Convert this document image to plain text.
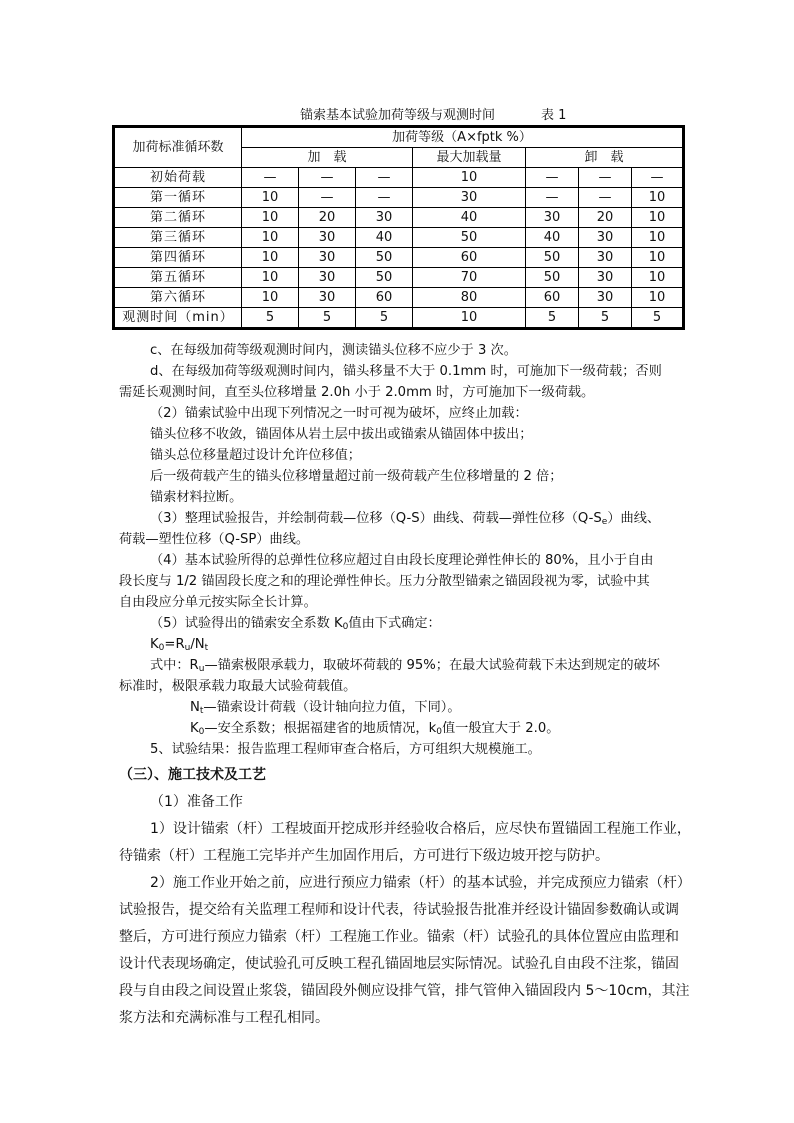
锚索基本试验加荷等级与观测时间	表 1
加荷标准循环数	加荷等级（A×fptk %）						
	加　载			最大加载量	卸　载		
初始荷载	—	—	—	10	—	—	—
第一循环	10	—	—	30	—	—	10
第二循环	10	20	30	40	30	20	10
第三循环	10	30	40	50	40	30	10
第四循环	10	30	50	60	50	30	10
第五循环	10	30	50	70	50	30	10
第六循环	10	30	60	80	60	30	10
观测时间（min）	5	5	5	10	5	5	5
c、在每级加荷等级观测时间内，测读锚头位移不应少于 3 次。
d、在每级加荷等级观测时间内，锚头移量不大于 0.1mm 时，可施加下一级荷载；否则
需延长观测时间，直至头位移增量 2.0h 小于 2.0mm 时，方可施加下一级荷载。
（2）锚索试验中出现下列情况之一时可视为破坏，应终止加载：
锚头位移不收敛，锚固体从岩土层中拔出或锚索从锚固体中拔出；
锚头总位移量超过设计允许位移值；
后一级荷载产生的锚头位移增量超过前一级荷载产生位移增量的 2 倍；
锚索材料拉断。
（3）整理试验报告，并绘制荷载—位移（Q-S）曲线、荷载—弹性位移$(Q-S_e)$曲线、
荷载—塑性位移（Q-SP）曲线。
（4）基本试验所得的总弹性位移应超过自由段长度理论弹性伸长的 80%，且小于自由
段长度与 1/2 锚固段长度之和的理论弹性伸长。压力分散型锚索之锚固段视为零，试验中其
自由段应分单元按实际全长计算。
（5）试验得出的锚索安全系数 $K_0$值由下式确定：
$K_0=R_u/N_t$
式中：$R_u—$锚索极限承载力，取破坏荷载的 95%；在最大试验荷载下未达到规定的破坏
标准时，极限承载力取最大试验荷载值。
$N_t—$锚索设计荷载（设计轴向拉力值，下同）。
$K_0—$安全系数；根据福建省的地质情况，$k_0$值一般宜大于 2.0。
5、试验结果：报告监理工程师审查合格后，方可组织大规模施工。
（三）、施工技术及工艺
（1）准备工作
1）设计锚索（杆）工程坡面开挖成形并经验收合格后，应尽快布置锚固工程施工作业，
待锚索（杆）工程施工完毕并产生加固作用后，方可进行下级边坡开挖与防护。
2）施工作业开始之前，应进行预应力锚索（杆）的基本试验，并完成预应力锚索（杆）
试验报告，提交给有关监理工程师和设计代表，待试验报告批准并经设计锚固参数确认或调
整后，方可进行预应力锚索（杆）工程施工作业。锚索（杆）试验孔的具体位置应由监理和
设计代表现场确定，使试验孔可反映工程孔锚固地层实际情况。试验孔自由段不注浆，锚固
段与自由段之间设置止浆袋，锚固段外侧应设排气管，排气管伸入锚固段内 5～10cm，其注
浆方法和充满标准与工程孔相同。
